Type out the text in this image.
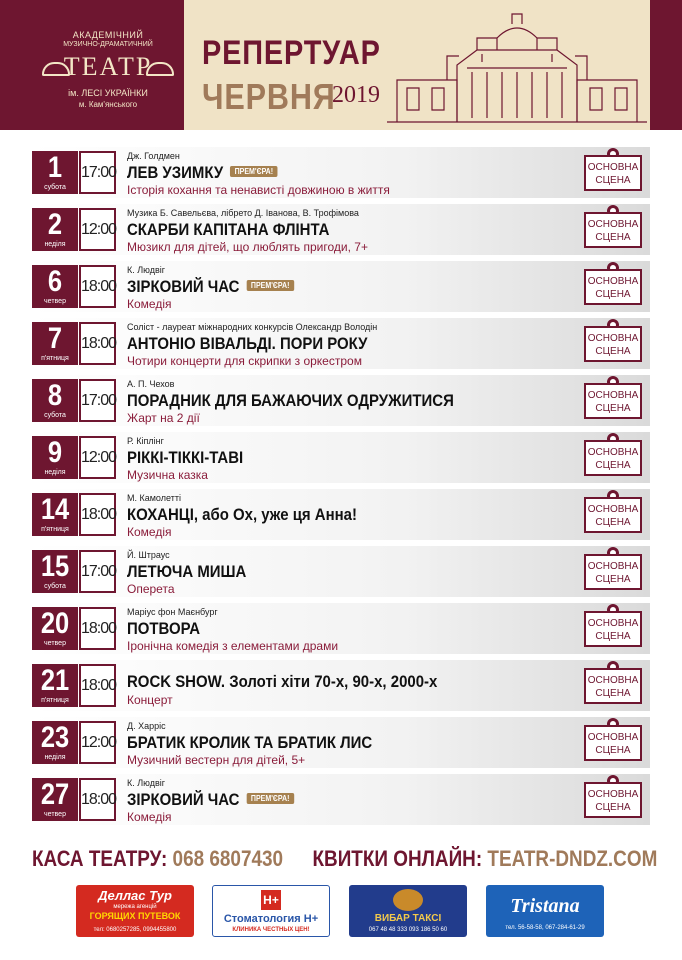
АКАДЕМІЧНИЙ
МУЗИЧНО-ДРАМАТИЧНИЙ
ТЕАТР
ім. ЛЕСІ УКРАЇНКИ
м. Кам'янського
РЕПЕРТУАР
ЧЕРВНЯ
2019
1
субота
17:00
Дж. Голдмен
ЛЕВ УЗИМКУ ПРЕМ'ЄРА!
Історія кохання та ненависті довжиною в життя
ОСНОВНА
СЦЕНА
2
неділя
12:00
Музика Б. Савельєва, лібрето Д. Іванова, В. Трофімова
СКАРБИ КАПІТАНА ФЛІНТА
Мюзикл для дітей, що люблять пригоди, 7+
ОСНОВНА
СЦЕНА
6
четвер
18:00
К. Людвіг
ЗІРКОВИЙ ЧАС ПРЕМ'ЄРА!
Комедія
ОСНОВНА
СЦЕНА
7
п'ятниця
18:00
Соліст - лауреат міжнародних конкурсів Олександр Володін
АНТОНІО ВІВАЛЬДІ. ПОРИ РОКУ
Чотири концерти для скрипки з оркестром
ОСНОВНА
СЦЕНА
8
субота
17:00
А. П. Чехов
ПОРАДНИК ДЛЯ БАЖАЮЧИХ ОДРУЖИТИСЯ
Жарт на 2 дії
ОСНОВНА
СЦЕНА
9
неділя
12:00
Р. Кіплінг
РІККІ-ТІККІ-ТАВІ
Музична казка
ОСНОВНА
СЦЕНА
14
п'ятниця
18:00
М. Камолетті
КОХАНЦІ, або Ох, уже ця Анна!
Комедія
ОСНОВНА
СЦЕНА
15
субота
17:00
Й. Штраус
ЛЕТЮЧА МИША
Оперета
ОСНОВНА
СЦЕНА
20
четвер
18:00
Маріус фон Маєнбург
ПОТВОРА
Іронічна комедія з елементами драми
ОСНОВНА
СЦЕНА
21
п'ятниця
18:00 ROCK SHOW. Золоті хіти 70-х, 90-х, 2000-х
Концерт
ОСНОВНА
СЦЕНА
23
неділя
12:00
Д. Харріс
БРАТИК КРОЛИК ТА БРАТИК ЛИС
Музичний вестерн для дітей, 5+
ОСНОВНА
СЦЕНА
27
четвер
18:00
К. Людвіг
ЗІРКОВИЙ ЧАС ПРЕМ'ЄРА!
Комедія
ОСНОВНА
СЦЕНА
КАСА ТЕАТРУ: 068 6807430 КВИТКИ ОНЛАЙН: TEATR-DNDZ.COM
Деллас Тур
мережа агенцій
ГОРЯЩИХ ПУТЕВОК
тел: 0680257285, 0994455800
Н+
Стоматология Н+
КЛИНИКА ЧЕСТНЫХ ЦЕН!
ВИБАР ТАКСІ
067 48 48 333 093 186 50 60
Tristana
тел. 56-58-58, 067-284-61-29
